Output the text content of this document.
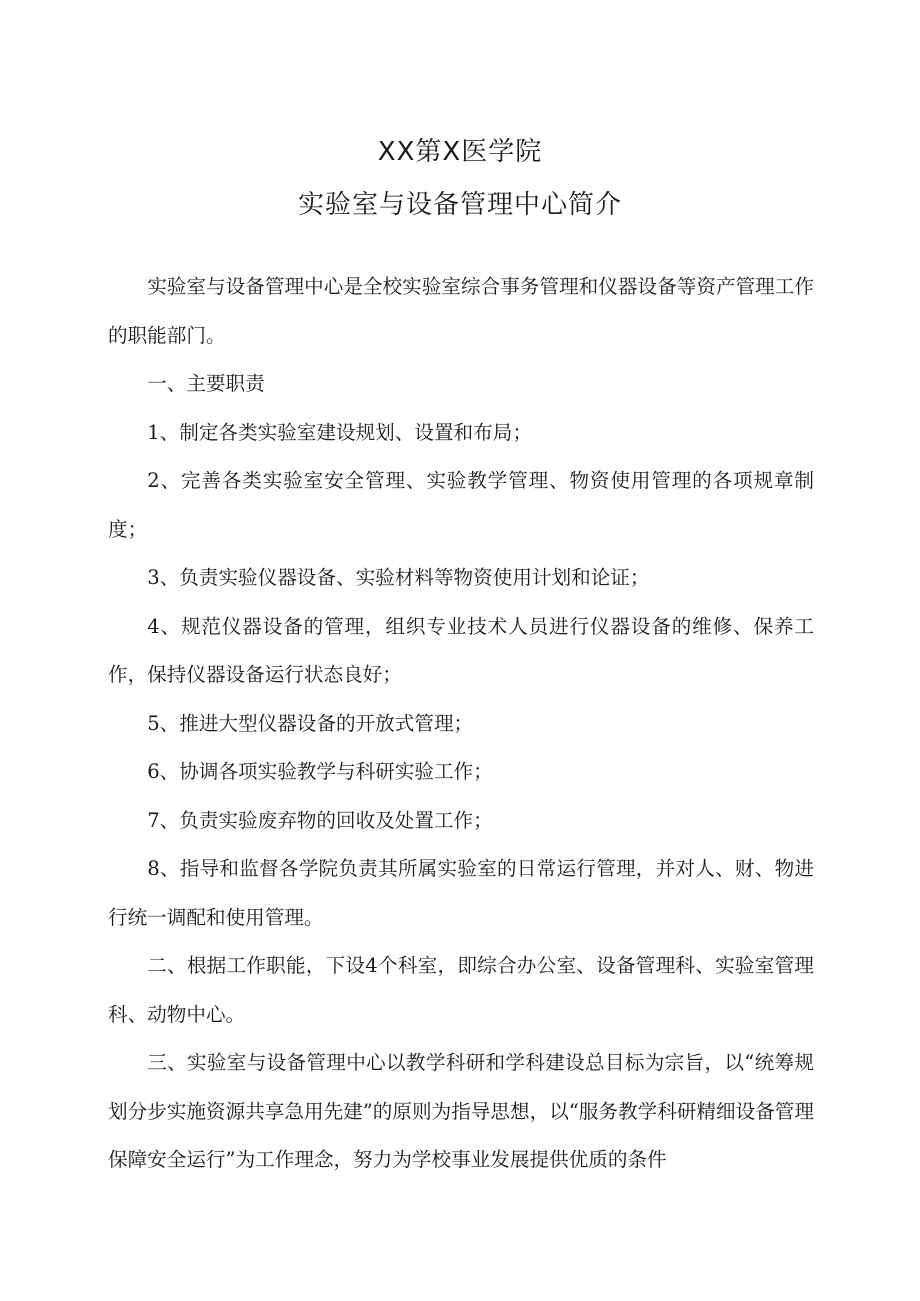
XX第X医学院
实验室与设备管理中心简介

实验室与设备管理中心是全校实验室综合事务管理和仪器设备等资产管理工作的职能部门。

一、主要职责

1、制定各类实验室建设规划、设置和布局；

2、完善各类实验室安全管理、实验教学管理、物资使用管理的各项规章制度；

3、负责实验仪器设备、实验材料等物资使用计划和论证；

4、规范仪器设备的管理，组织专业技术人员进行仪器设备的维修、保养工作，保持仪器设备运行状态良好；

5、推进大型仪器设备的开放式管理；

6、协调各项实验教学与科研实验工作；

7、负责实验废弃物的回收及处置工作；

8、指导和监督各学院负责其所属实验室的日常运行管理，并对人、财、物进行统一调配和使用管理。

二、根据工作职能，下设4个科室，即综合办公室、设备管理科、实验室管理科、动物中心。

三、实验室与设备管理中心以教学科研和学科建设总目标为宗旨，以“统筹规划分步实施资源共享急用先建”的原则为指导思想，以“服务教学科研精细设备管理保障安全运行”为工作理念，努力为学校事业发展提供优质的条件
